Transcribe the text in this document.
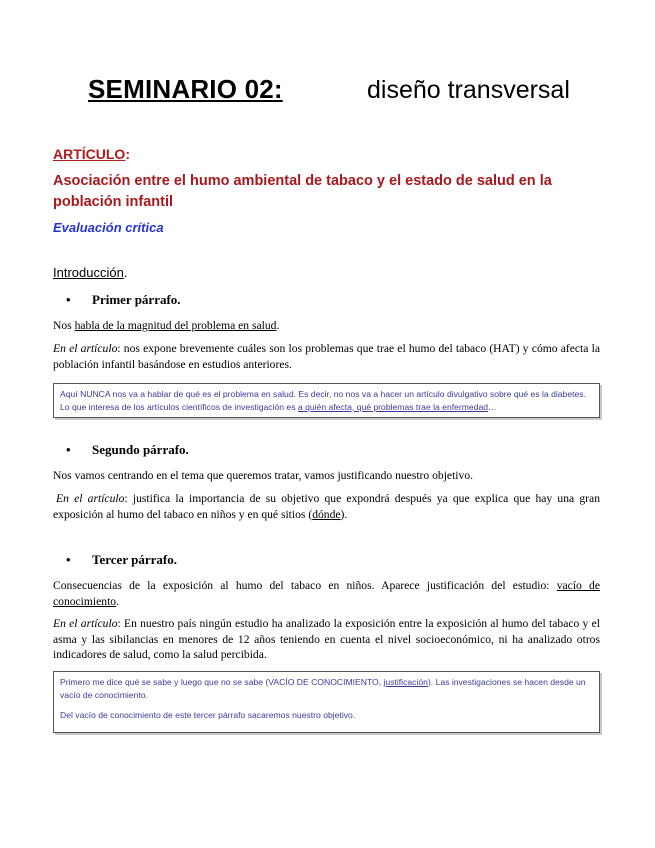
SEMINARIO 02:	diseño transversal
ARTÍCULO:
Asociación entre el humo ambiental de tabaco y el estado de salud en la población infantil
Evaluación crítica
Introducción.
• Primer párrafo.
Nos habla de la magnitud del problema en salud.
En el artículo: nos expone brevemente cuáles son los problemas que trae el humo del tabaco (HAT) y cómo afecta la población infantil basándose en estudios anteriores.
Aquí NUNCA nos va a hablar de qué es el problema en salud. Es decir, no nos va a hacer un artículo divulgativo sobre qué es la diabetes. Lo que interesa de los artículos científicos de investigación es a quién afecta, qué problemas trae la enfermedad…
• Segundo párrafo.
Nos vamos centrando en el tema que queremos tratar, vamos justificando nuestro objetivo.
En el artículo: justifica la importancia de su objetivo que expondrá después ya que explica que hay una gran exposición al humo del tabaco en niños y en qué sitios (dónde).
• Tercer párrafo.
Consecuencias de la exposición al humo del tabaco en niños. Aparece justificación del estudio: vacío de conocimiento.
En el artículo: En nuestro país ningún estudio ha analizado la exposición entre la exposición al humo del tabaco y el asma y las sibilancias en menores de 12 años teniendo en cuenta el nivel socioeconómico, ni ha analizado otros indicadores de salud, como la salud percibida.
Primero me dice qué se sabe y luego que no se sabe (VACÍO DE CONOCIMIENTO, justificación). Las investigaciones se hacen desde un vacío de conocimiento.
Del vacío de conocimiento de este tercer párrafo sacaremos nuestro objetivo.
